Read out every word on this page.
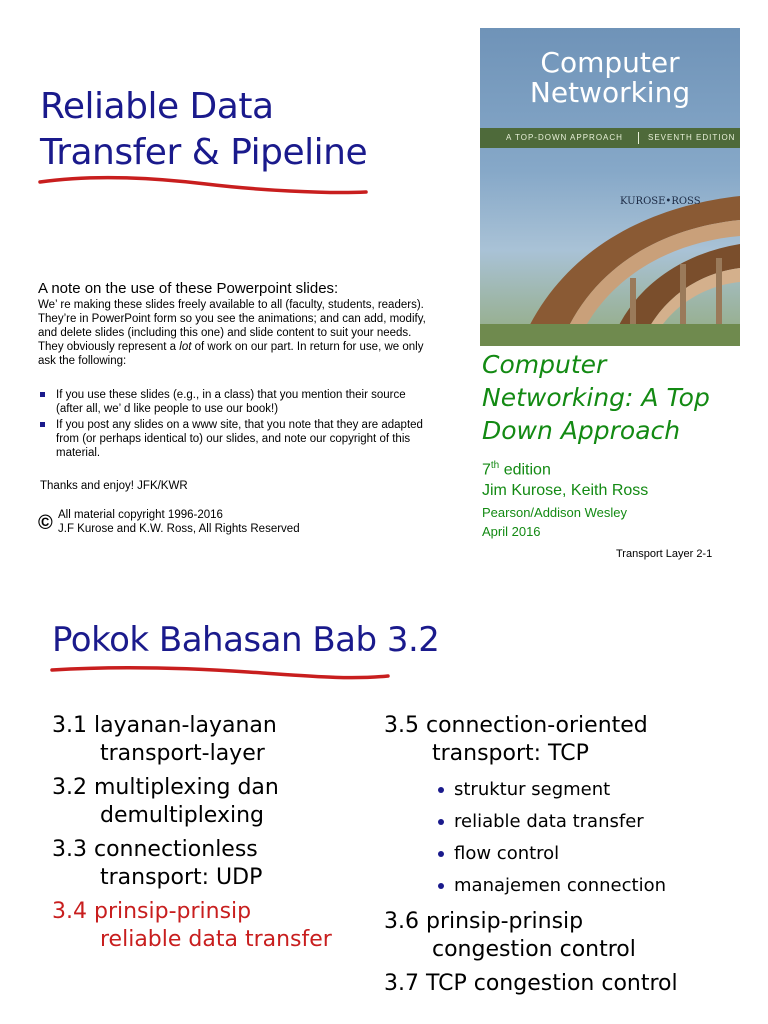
Reliable Data
Transfer & Pipeline
A note on the use of these Powerpoint slides:
We’ re making these slides freely available to all (faculty, students, readers).
They’re in PowerPoint form so you see the animations; and can add, modify,
and delete slides (including this one) and slide content to suit your needs.
They obviously represent a lot of work on our part. In return for use, we only
ask the following:
If you use these slides (e.g., in a class) that you mention their source
(after all, we’ d like people to use our book!)
If you post any slides on a www site, that you note that they are adapted
from (or perhaps identical to) our slides, and note our copyright of this
material.
Thanks and enjoy! JFK/KWR
© All material copyright 1996-2016
J.F Kurose and K.W. Ross, All Rights Reserved
Computer
Networking
A TOP-DOWN APPROACH	SEVENTH EDITION
KUROSE•ROSS
Computer
Networking: A Top
Down Approach
7th edition
Jim Kurose, Keith Ross
Pearson/Addison Wesley
April 2016
Transport Layer 2-1
Pokok Bahasan Bab 3.2
3.1 layanan-layanan
transport-layer
3.2 multiplexing dan
demultiplexing
3.3 connectionless
transport: UDP
3.4 prinsip-prinsip
reliable data transfer
3.5 connection-oriented
transport: TCP
struktur segment
reliable data transfer
flow control
manajemen connection
3.6 prinsip-prinsip
congestion control
3.7 TCP congestion control
